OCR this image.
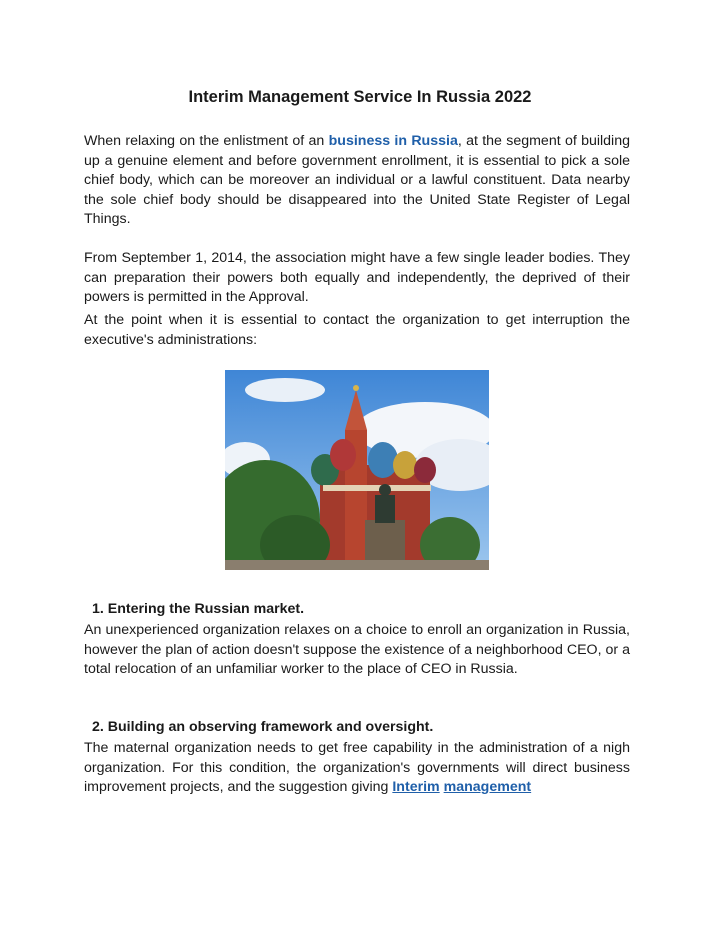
Interim Management Service In Russia 2022

When relaxing on the enlistment of an business in Russia, at the segment of building up a genuine element and before government enrollment, it is essential to pick a sole chief body, which can be moreover an individual or a lawful constituent. Data nearby the sole chief body should be disappeared into the United State Register of Legal Things.

From September 1, 2014, the association might have a few single leader bodies. They can preparation their powers both equally and independently, the deprived of their powers is permitted in the Approval.

At the point when it is essential to contact the organization to get interruption the executive's administrations:

1. Entering the Russian market.

An unexperienced organization relaxes on a choice to enroll an organization in Russia, however the plan of action doesn't suppose the existence of a neighborhood CEO, or a total relocation of an unfamiliar worker to the place of CEO in Russia.

2. Building an observing framework and oversight.

The maternal organization needs to get free capability in the administration of a nigh organization. For this condition, the organization's governments will direct business improvement projects, and the suggestion giving Interim management
